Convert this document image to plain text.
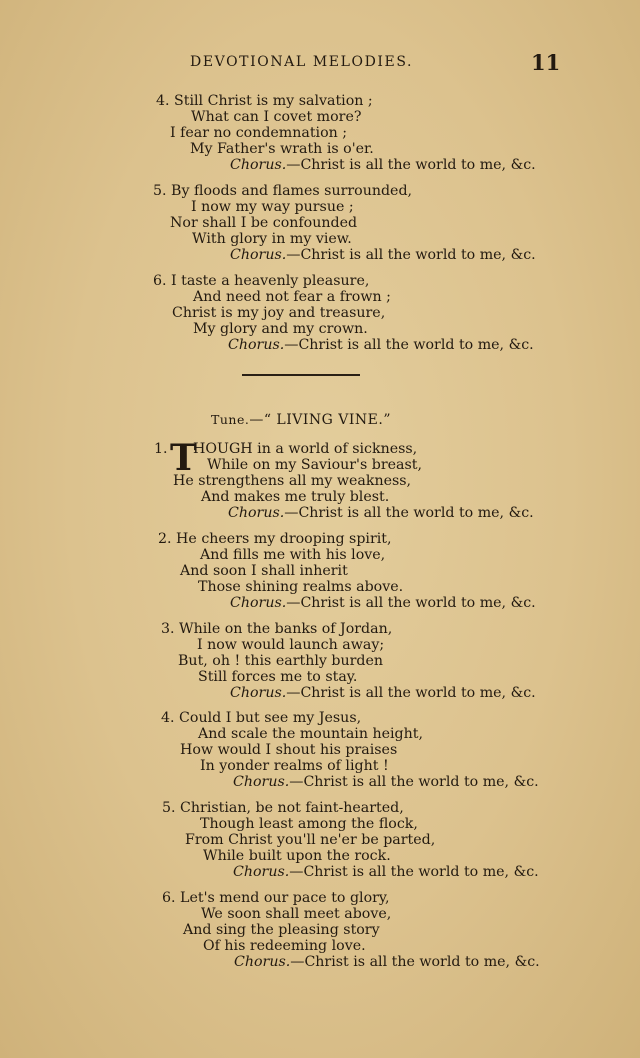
DEVOTIONAL MELODIES.	11
4. Still Christ is my salvation ;
What can I covet more?
I fear no condemnation ;
My Father's wrath is o'er.
Chorus.—Christ is all the world to me, &c.
5. By floods and flames surrounded,
I now my way pursue ;
Nor shall I be confounded
With glory in my view.
Chorus.—Christ is all the world to me, &c.
6. I taste a heavenly pleasure,
And need not fear a frown ;
Christ is my joy and treasure,
My glory and my crown.
Chorus.—Christ is all the world to me, &c.
Tune.—“ LIVING VINE.”
1. HOUGH in a world of sickness,
While on my Saviour's breast,
He strengthens all my weakness,
And makes me truly blest.
Chorus.—Christ is all the world to me, &c.
T
2. He cheers my drooping spirit,
And fills me with his love,
And soon I shall inherit
Those shining realms above.
Chorus.—Christ is all the world to me, &c.
3. While on the banks of Jordan,
I now would launch away;
But, oh ! this earthly burden
Still forces me to stay.
Chorus.—Christ is all the world to me, &c.
4. Could I but see my Jesus,
And scale the mountain height,
How would I shout his praises
In yonder realms of light !
Chorus.—Christ is all the world to me, &c.
5. Christian, be not faint-hearted,
Though least among the flock,
From Christ you'll ne'er be parted,
While built upon the rock.
Chorus.—Christ is all the world to me, &c.
6. Let's mend our pace to glory,
We soon shall meet above,
And sing the pleasing story
Of his redeeming love.
Chorus.—Christ is all the world to me, &c.
